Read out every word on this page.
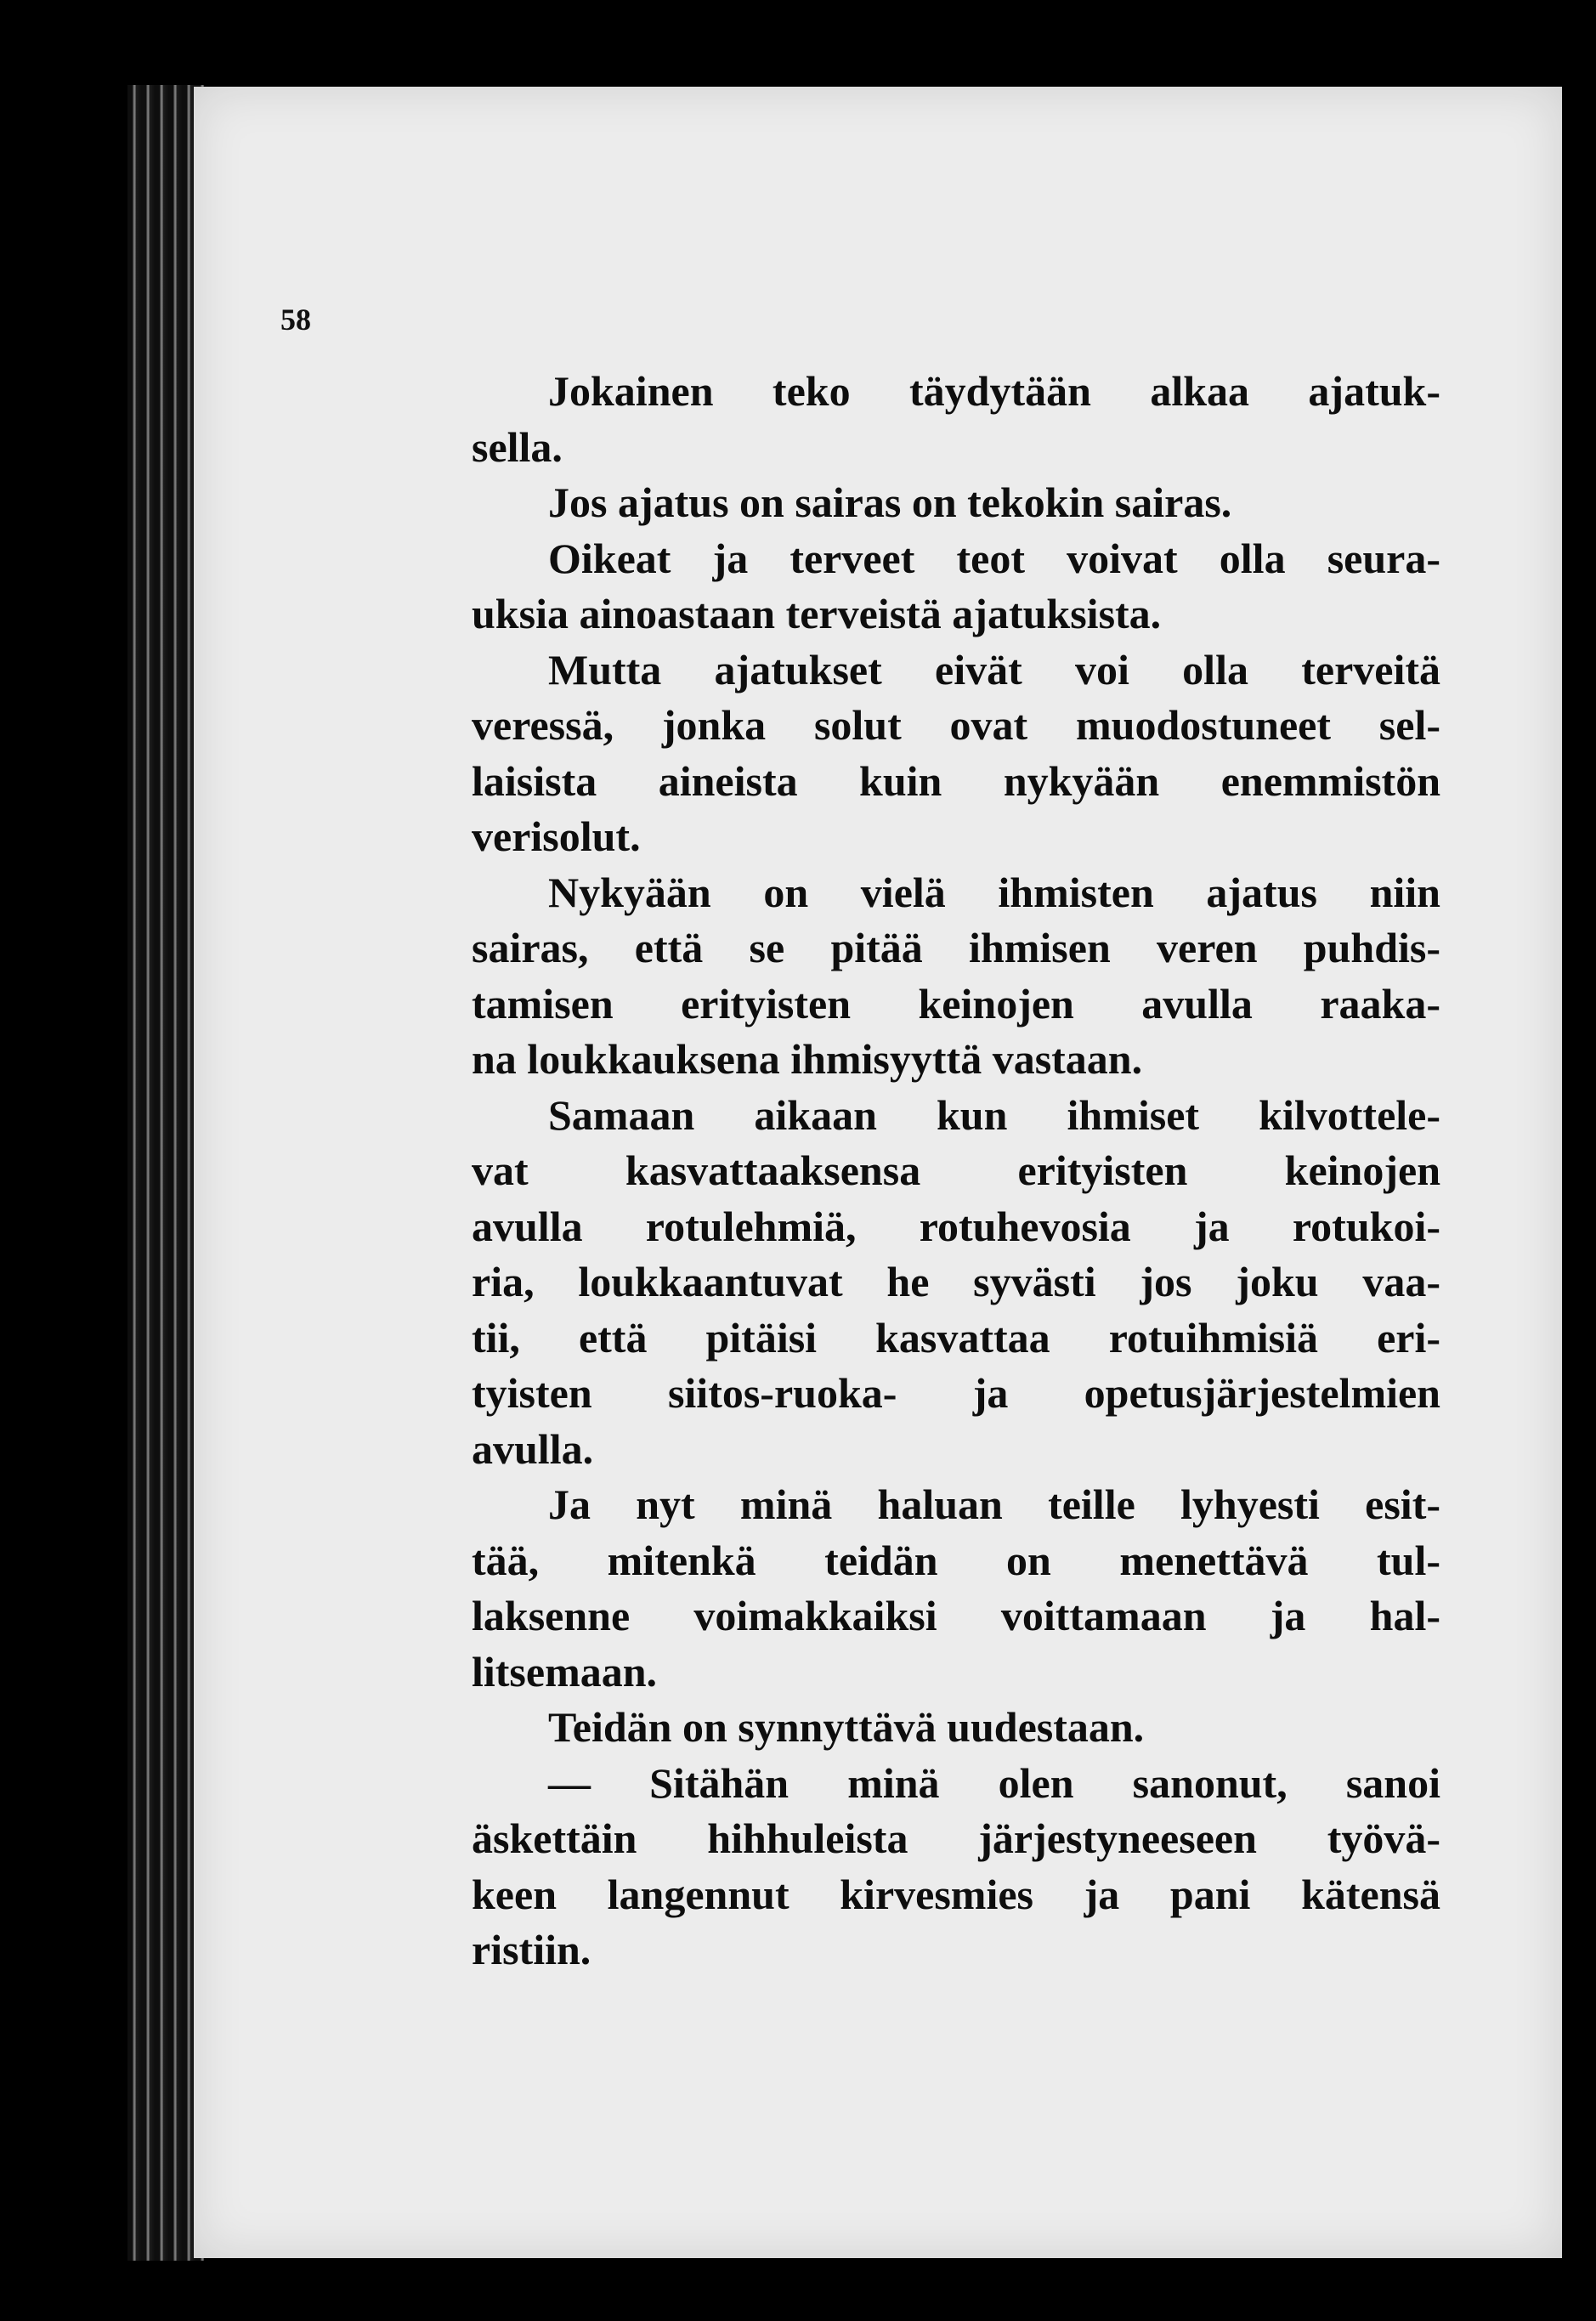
58
Jokainen teko täydytään alkaa ajatuk-
sella.
Jos ajatus on sairas on tekokin sairas.
Oikeat ja terveet teot voivat olla seura-
uksia ainoastaan terveistä ajatuksista.
Mutta ajatukset eivät voi olla terveitä
veressä, jonka solut ovat muodostuneet sel-
laisista aineista kuin nykyään enemmistön
verisolut.
Nykyään on vielä ihmisten ajatus niin
sairas, että se pitää ihmisen veren puhdis-
tamisen erityisten keinojen avulla raaka-
na loukkauksena ihmisyyttä vastaan.
Samaan aikaan kun ihmiset kilvottele-
vat kasvattaaksensa erityisten keinojen
avulla rotulehmiä, rotuhevosia ja rotukoi-
ria, loukkaantuvat he syvästi jos joku vaa-
tii, että pitäisi kasvattaa rotuihmisiä eri-
tyisten siitos-ruoka- ja opetusjärjestelmien
avulla.
Ja nyt minä haluan teille lyhyesti esit-
tää, mitenkä teidän on menettävä tul-
laksenne voimakkaiksi voittamaan ja hal-
litsemaan.
Teidän on synnyttävä uudestaan.
— Sitähän minä olen sanonut, sanoi
äskettäin hihhuleista järjestyneeseen työvä-
keen langennut kirvesmies ja pani kätensä
ristiin.
